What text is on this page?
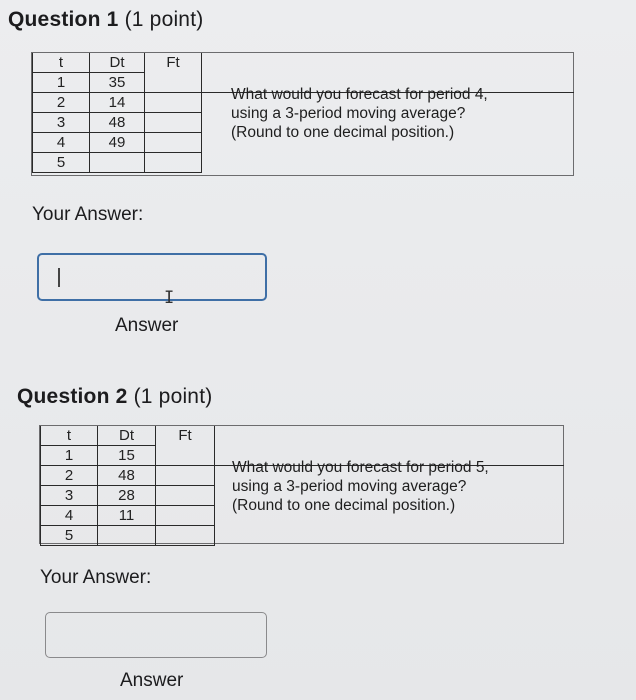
Question 1 (1 point)
t	Dt	Ft
1	35	
2	14	
3	48	
4	49	
5		
What would you forecast for period 4,
using a 3-period moving average?
(Round to one decimal position.)
Your Answer:
I
Answer
Question 2 (1 point)
t	Dt	Ft
1	15	
2	48	
3	28	
4	11	
5		
What would you forecast for period 5,
using a 3-period moving average?
(Round to one decimal position.)
Your Answer:
Answer
